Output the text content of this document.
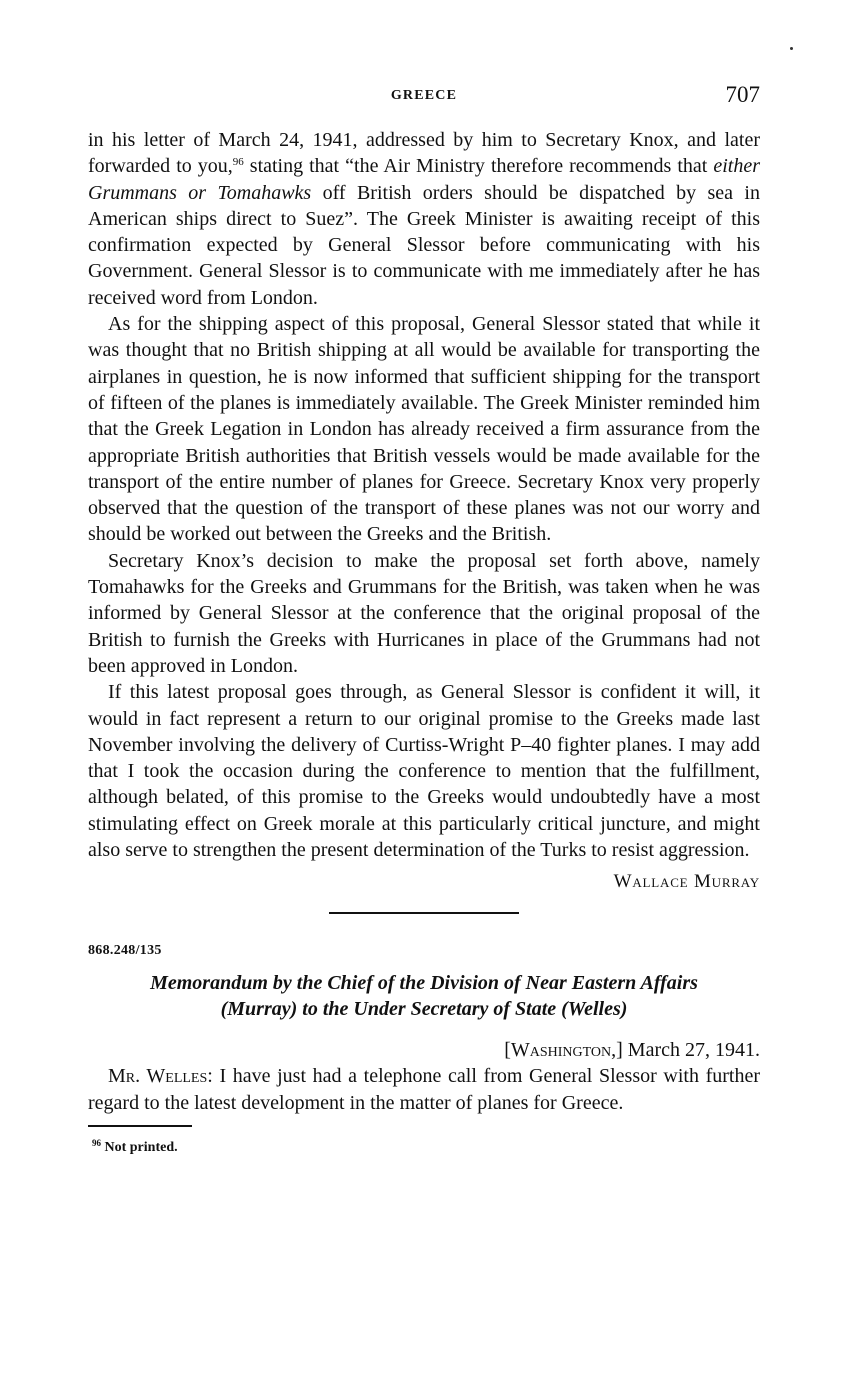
GREECE	707

in his letter of March 24, 1941, addressed by him to Secretary Knox, and later forwarded to you,$^{96}$ stating that “the Air Ministry therefore recommends that either Grummans or Tomahawks off British orders should be dispatched by sea in American ships direct to Suez”. The Greek Minister is awaiting receipt of this confirmation expected by General Slessor before communicating with his Government. General Slessor is to communicate with me immediately after he has received word from London.

As for the shipping aspect of this proposal, General Slessor stated that while it was thought that no British shipping at all would be available for transporting the airplanes in question, he is now informed that sufficient shipping for the transport of fifteen of the planes is immediately available. The Greek Minister reminded him that the Greek Legation in London has already received a firm assurance from the appropriate British authorities that British vessels would be made available for the transport of the entire number of planes for Greece. Secretary Knox very properly observed that the question of the transport of these planes was not our worry and should be worked out between the Greeks and the British.

Secretary Knox’s decision to make the proposal set forth above, namely Tomahawks for the Greeks and Grummans for the British, was taken when he was informed by General Slessor at the conference that the original proposal of the British to furnish the Greeks with Hurricanes in place of the Grummans had not been approved in London.

If this latest proposal goes through, as General Slessor is confident it will, it would in fact represent a return to our original promise to the Greeks made last November involving the delivery of Curtiss-Wright P–40 fighter planes. I may add that I took the occasion during the conference to mention that the fulfillment, although belated, of this promise to the Greeks would undoubtedly have a most stimulating effect on Greek morale at this particularly critical juncture, and might also serve to strengthen the present determination of the Turks to resist aggression.

Wallace Murray
868.248/135
Memorandum by the Chief of the Division of Near Eastern Affairs
(Murray) to the Under Secretary of State (Welles)
[Washington,] March 27, 1941.

Mr. Welles: I have just had a telephone call from General Slessor with further regard to the latest development in the matter of planes for Greece.

$^{96}$ Not printed.
